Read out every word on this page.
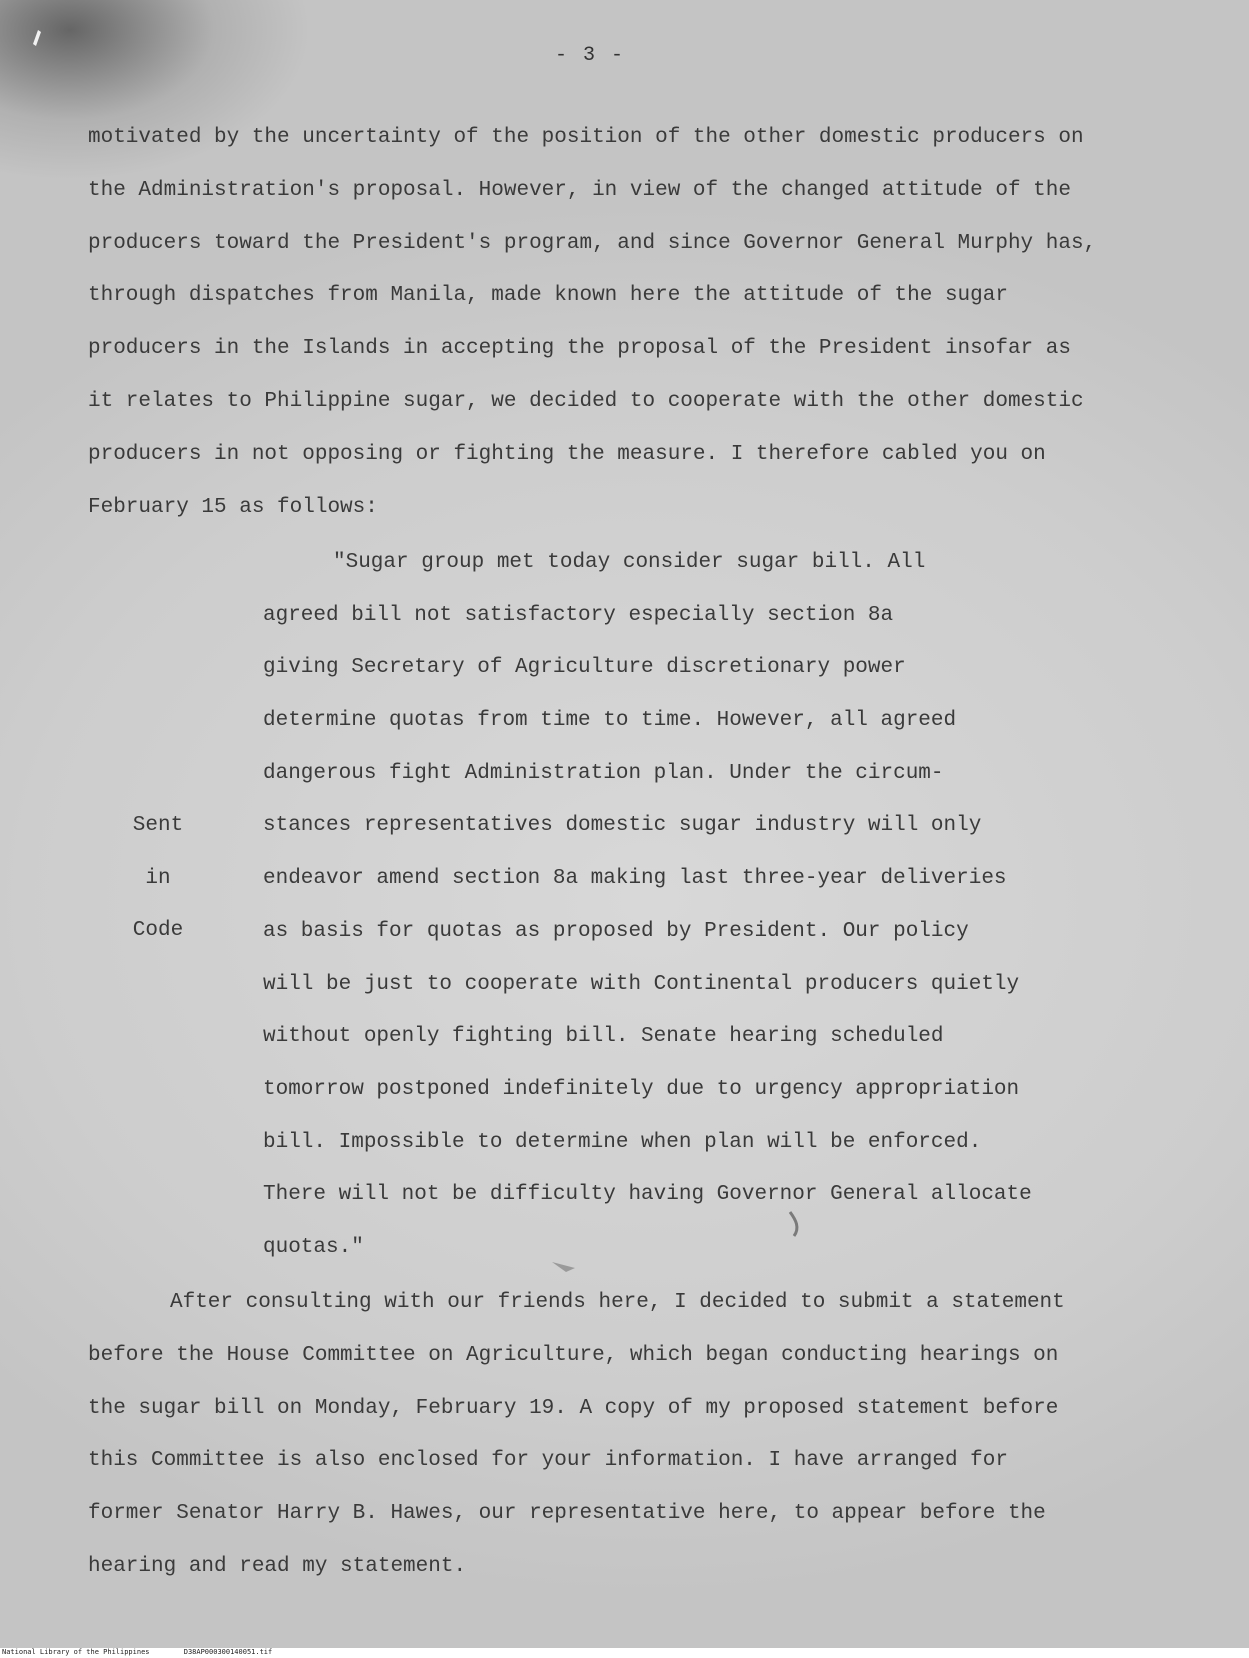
- 3 -
motivated by the uncertainty of the position of the other domestic producers on
the Administration's proposal. However, in view of the changed attitude of the
producers toward the President's program, and since Governor General Murphy has,
through dispatches from Manila, made known here the attitude of the sugar
producers in the Islands in accepting the proposal of the President insofar as
it relates to Philippine sugar, we decided to cooperate with the other domestic
producers in not opposing or fighting the measure. I therefore cabled you on
February 15 as follows:
"Sugar group met today consider sugar bill. All
agreed bill not satisfactory especially section 8a
giving Secretary of Agriculture discretionary power
determine quotas from time to time. However, all agreed
dangerous fight Administration plan. Under the circum-
stances representatives domestic sugar industry will only
endeavor amend section 8a making last three-year deliveries
as basis for quotas as proposed by President. Our policy
will be just to cooperate with Continental producers quietly
without openly fighting bill. Senate hearing scheduled
tomorrow postponed indefinitely due to urgency appropriation
bill. Impossible to determine when plan will be enforced.
There will not be difficulty having Governor General allocate
quotas."
Sent
in
Code
After consulting with our friends here, I decided to submit a statement
before the House Committee on Agriculture, which began conducting hearings on
the sugar bill on Monday, February 19. A copy of my proposed statement before
this Committee is also enclosed for your information. I have arranged for
former Senator Harry B. Hawes, our representative here, to appear before the
hearing and read my statement.
National Library of the Philippines	D38AP000300140051.tif
